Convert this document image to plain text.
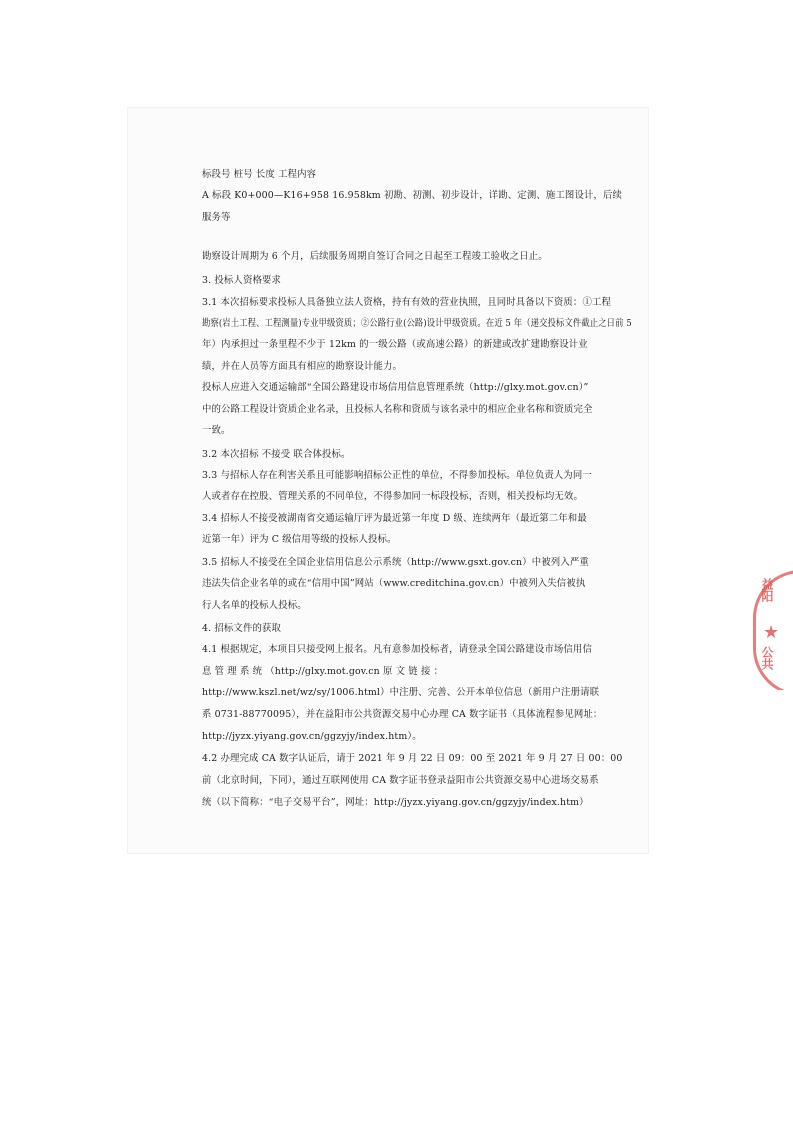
益阳
★
公共
标段号 桩号 长度 工程内容
A 标段 K0+000—K16+958 16.958km 初勘、初测、初步设计，详勘、定测、施工图设计，后续
服务等
勘察设计周期为 6 个月，后续服务周期自签订合同之日起至工程竣工验收之日止。
3. 投标人资格要求
3.1 本次招标要求投标人具备独立法人资格，持有有效的营业执照，且同时具备以下资质：①工程
勘察(岩土工程、工程测量)专业甲级资质；②公路行业(公路)设计甲级资质。在近 5 年（递交投标文件截止之日前 5
年）内承担过一条里程不少于 12km 的一级公路（或高速公路）的新建或改扩建勘察设计业
绩，并在人员等方面具有相应的勘察设计能力。
投标人应进入交通运输部“全国公路建设市场信用信息管理系统（http://glxy.mot.gov.cn）”
中的公路工程设计资质企业名录，且投标人名称和资质与该名录中的相应企业名称和资质完全
一致。
3.2 本次招标 不接受 联合体投标。
3.3 与招标人存在利害关系且可能影响招标公正性的单位，不得参加投标。单位负责人为同一
人或者存在控股、管理关系的不同单位，不得参加同一标段投标，否则，相关投标均无效。
3.4 招标人不接受被湖南省交通运输厅评为最近第一年度 D 级、连续两年（最近第二年和最
近第一年）评为 C 级信用等级的投标人投标。
3.5 招标人不接受在全国企业信用信息公示系统（http://www.gsxt.gov.cn）中被列入严重
违法失信企业名单的或在“信用中国”网站（www.creditchina.gov.cn）中被列入失信被执
行人名单的投标人投标。
4. 招标文件的获取
4.1 根据规定，本项目只接受网上报名。凡有意参加投标者，请登录全国公路建设市场信用信
息 管 理 系 统 （http://glxy.mot.gov.cn 原 文 链 接 ：
http://www.kszl.net/wz/sy/1006.html）中注册、完善、公开本单位信息（新用户注册请联
系 0731-88770095），并在益阳市公共资源交易中心办理 CA 数字证书（具体流程参见网址：
http://jyzx.yiyang.gov.cn/ggzyjy/index.htm）。
4.2 办理完成 CA 数字认证后，请于 2021 年 9 月 22 日 09：00 至 2021 年 9 月 27 日 00：00
前（北京时间，下同），通过互联网使用 CA 数字证书登录益阳市公共资源交易中心进场交易系
统（以下简称：“电子交易平台”，网址：http://jyzx.yiyang.gov.cn/ggzyjy/index.htm）
